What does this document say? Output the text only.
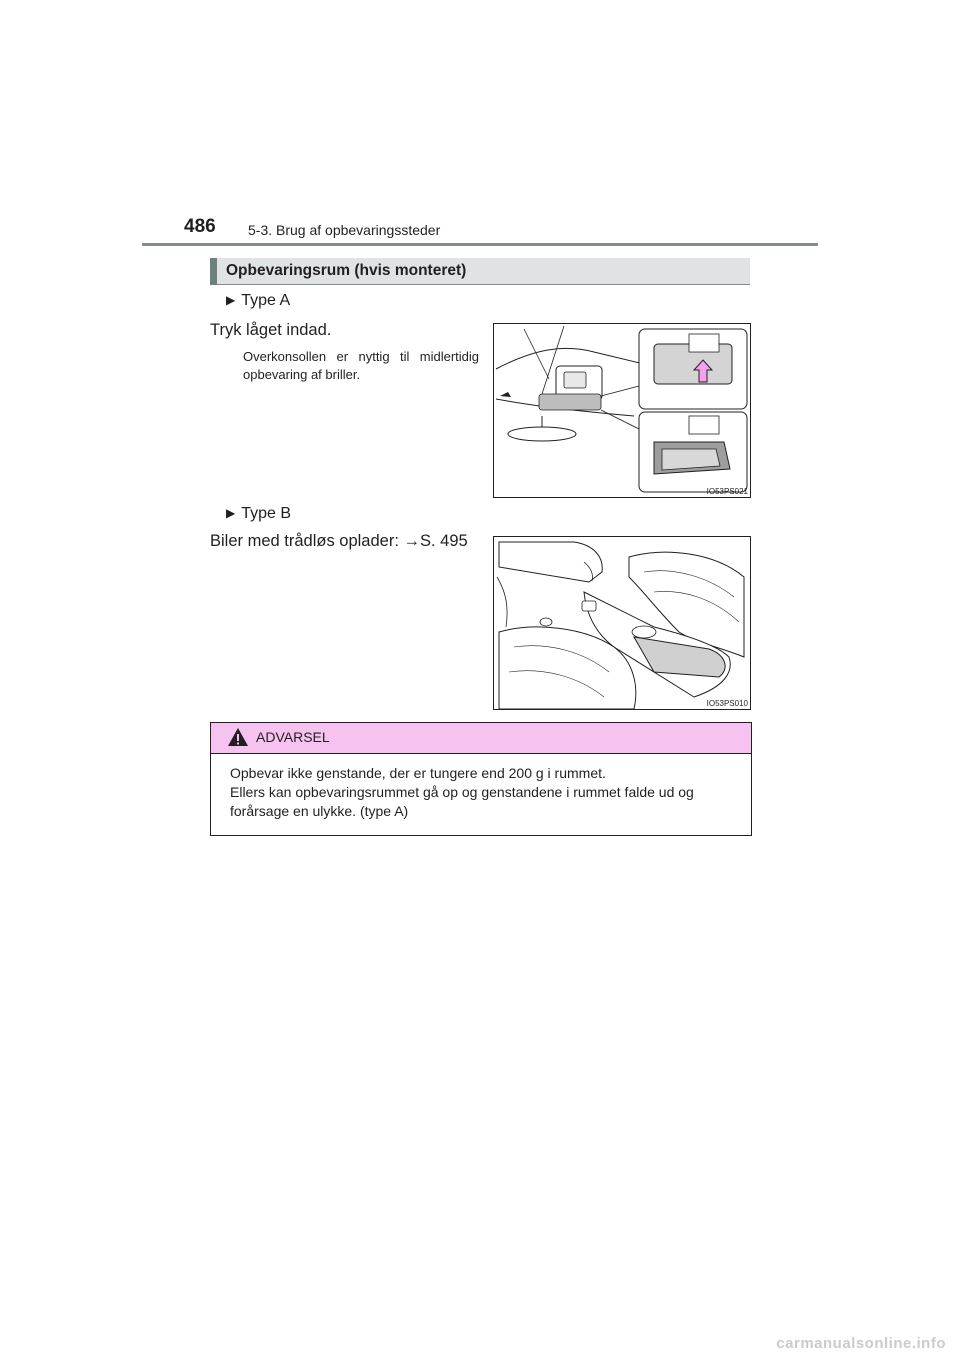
486 5-3. Brug af opbevaringssteder
Opbevaringsrum (hvis monteret)
▶ Type A
Tryk låget indad.
Overkonsollen er nyttig til midlertidig opbevaring af briller.
IO53PS021
▶ Type B
Biler med trådløs oplader: →S. 495
IO53PS010
ADVARSEL

Opbevar ikke genstande, der er tungere end 200 g i rummet.

Ellers kan opbevaringsrummet gå op og genstandene i rummet falde ud og forårsage en ulykke. (type A)

carmanualsonline.info
